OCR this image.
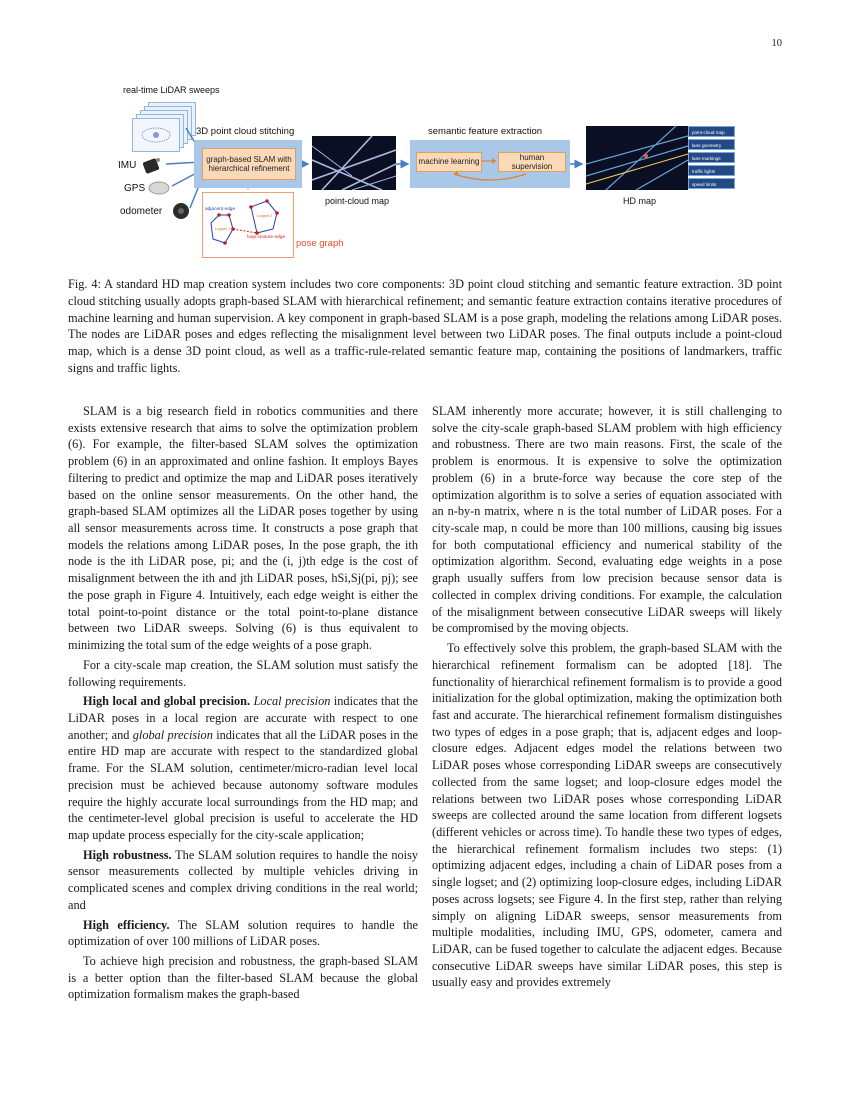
10
real-time LiDAR sweeps
IMU
GPS
odometer
3D point cloud stitching
graph-based SLAM with hierarchical refinement
point-cloud map
semantic feature extraction
machine learning
human supervision
point-cloud map
lane geometry
lane markings
traffic lights
speed limits
HD map
adjacent edge
loop-closure edge
Logset 1
Logset 2
pose graph

Fig. 4: A standard HD map creation system includes two core components: 3D point cloud stitching and semantic feature extraction. 3D point cloud stitching usually adopts graph-based SLAM with hierarchical refinement; and semantic feature extraction contains iterative procedures of machine learning and human supervision. A key component in graph-based SLAM is a pose graph, modeling the relations among LiDAR poses. The nodes are LiDAR poses and edges reflecting the misalignment level between two LiDAR poses. The final outputs include a point-cloud map, which is a dense 3D point cloud, as well as a traffic-rule-related semantic feature map, containing the positions of landmarkers, traffic signs and traffic lights.

SLAM is a big research field in robotics communities and there exists extensive research that aims to solve the optimization problem (6). For example, the filter-based SLAM solves the optimization problem (6) in an approximated and online fashion. It employs Bayes filtering to predict and optimize the map and LiDAR poses iteratively based on the online sensor measurements. On the other hand, the graph-based SLAM optimizes all the LiDAR poses together by using all sensor measurements across time. It constructs a pose graph that models the relations among LiDAR poses, In the pose graph, the ith node is the ith LiDAR pose, pi; and the (i, j)th edge is the cost of misalignment between the ith and jth LiDAR poses, hSi,Sj(pi, pj); see the pose graph in Figure 4. Intuitively, each edge weight is either the total point-to-point distance or the total point-to-plane distance between two LiDAR sweeps. Solving (6) is thus equivalent to minimizing the total sum of the edge weights of a pose graph.

For a city-scale map creation, the SLAM solution must satisfy the following requirements.

High local and global precision. Local precision indicates that the LiDAR poses in a local region are accurate with respect to one another; and global precision indicates that all the LiDAR poses in the entire HD map are accurate with respect to the standardized global frame. For the SLAM solution, centimeter/micro-radian level local precision must be achieved because autonomy software modules require the highly accurate local surroundings from the HD map; and the centimeter-level global precision is useful to accelerate the HD map update process especially for the city-scale application;

High robustness. The SLAM solution requires to handle the noisy sensor measurements collected by multiple vehicles driving in complicated scenes and complex driving conditions in the real world; and

High efficiency. The SLAM solution requires to handle the optimization of over 100 millions of LiDAR poses.

To achieve high precision and robustness, the graph-based SLAM is a better option than the filter-based SLAM because the global optimization formalism makes the graph-based

SLAM inherently more accurate; however, it is still challenging to solve the city-scale graph-based SLAM problem with high efficiency and robustness. There are two main reasons. First, the scale of the problem is enormous. It is expensive to solve the optimization problem (6) in a brute-force way because the core step of the optimization algorithm is to solve a series of equation associated with an n-by-n matrix, where n is the total number of LiDAR poses. For a city-scale map, n could be more than 100 millions, causing big issues for both computational efficiency and numerical stability of the optimization algorithm. Second, evaluating edge weights in a pose graph usually suffers from low precision because sensor data is collected in complex driving conditions. For example, the calculation of the misalignment between consecutive LiDAR sweeps will likely be compromised by the moving objects.

To effectively solve this problem, the graph-based SLAM with the hierarchical refinement formalism can be adopted [18]. The functionality of hierarchical refinement formalism is to provide a good initialization for the global optimization, making the optimization both fast and accurate. The hierarchical refinement formalism distinguishes two types of edges in a pose graph; that is, adjacent edges and loop-closure edges. Adjacent edges model the relations between two LiDAR poses whose corresponding LiDAR sweeps are consecutively collected from the same logset; and loop-closure edges model the relations between two LiDAR poses whose corresponding LiDAR sweeps are collected around the same location from different logsets (different vehicles or across time). To handle these two types of edges, the hierarchical refinement formalism includes two steps: (1) optimizing adjacent edges, including a chain of LiDAR poses from a single logset; and (2) optimizing loop-closure edges, including LiDAR poses across logsets; see Figure 4. In the first step, rather than relying simply on aligning LiDAR sweeps, sensor measurements from multiple modalities, including IMU, GPS, odometer, camera and LiDAR, can be fused together to calculate the adjacent edges. Because consecutive LiDAR sweeps have similar LiDAR poses, this step is usually easy and provides extremely
